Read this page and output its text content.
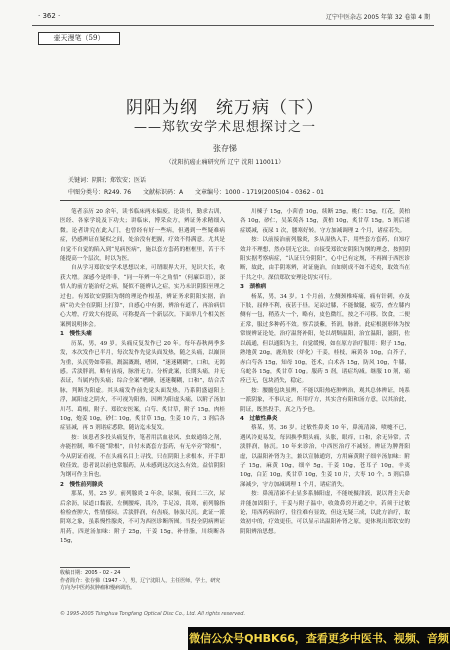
· 362 ·	辽宁中医杂志 2005 年第 32 卷第 4 期
壶天漫笔（59）
阴阳为纲　统万病（下）
——郑钦安学术思想探讨之一
张存悌
（沈阳抗癌止痛研究所 辽宁 沈阳 110011）
关键词：阴阳；郑钦安；医话
中图分类号：R249. 76 文献标识码：A 文章编号：1000 - 1719(2005)04 - 0362 - 01

笔者亲历 20 余年，读书临床两未偏废。论读书，勤求古训，医经、各家学说及下功夫；讲临床，博采众方，辨证务求精细入微。论者讲究在此入门，也曾经有好一些病，但遇到一些疑难病症，仍感辨证在疑似之间，处治没有把握，疗效不得满意。尤其是自觉不自觉的陷入到“见病医病”，施以套方套药的框框里，苦于不能提高一个层次，时以为医。

自从学习郑钦安学术思想以来，可谓眼界大开，见识大长，收获大增。深感今是昨非，“同一年辨一年之角悟”（何廉臣语），深悟人的前方能治好之病，疑似不能辨认之症，实乃未识阴阳至理之过也。有郑钦安阴阳为纲的理论作根基，辨证务求阴阳实据，治病“功夫全在阴阳上打算”，自感心中有据，辨治有道了，再治病信心大增，疗效大有提高，可称提高一个新层次。下面举几个相关医案例说明体会。

1　慢性头痛

历某，男，49 岁。头痛反复发作已 20 年。每年春秋两季多发，本次发作已半月，每次发作先觉头面发热，随之头痛，以巅顶为重，头沉势如带箍，溉湍溉溉，嗜困，“迷迷糊糊”，口和，无渴感。舌淡胖润，略有齿痕，脉滑无力。分析此案，长期头痛，并无表证，当属内伤头痛；综合全案“嗜睡，迷迷糊糊，口和”，结合舌脉，判断为阳虚。其头痛发作前先觉头面发热，乃系阴盛逼阳上浮，属阳虚之阴火，不可视为阳热，因辨为阳虚头痛，以附子汤加川芎、葛根，附子、郑钦安医案，白芍、炙甘草，附子 15g，肉桂 10g，炮姜 10g，砂仁 10g，炙甘草 15g，生姜 10 片，3 剂后各症显减，再 5 剂诸症悉除，随访迄未复发。

按：该患者多投头痛复作，笔者用活血祛风、虫蚁通络之剂，亦能控制，唯不能“除根”，自付未离套方套药，有无卒旁“除根”，今从阴证看视，不在头痛名目上寻找，只在阴阳上求根本，开手即收佳效。患者说以前也常服药，从未感到这次这么有效。益信阴阳为纲可作主旨也。

2　慢性前列腺炎

那某，男，25 岁。前列腺炎 2 年余，尿频，夜间二三次，尿后余沥，尿道口黏液，左侧腰疼，畏冷，手足凉，畏寒，前列腺指检检查肿大，性情郁闷。舌淡胖润，有齿痕，脉弦尺沉。此证一派阴寒之象，虽系慢性腺炎，不可为西医诊断所囿。当投全阴病辨证用药，四逆汤加味：附子 25g，干姜 15g，补骨脂，川续断各 15g，

川楝子 15g，小茴香 10g，续断 25g，桃仁 15g，红花，黄柏各 10g，砂仁，吴茱萸各 15g，黄柏 10g，炙甘草 15g。5 剂后诸症缓减，夜尿 1 次，腰寒好转。守方加减调理 2 个月，诸症若失。

按：以前接治前列腺炎，多从湿热入手，用些套方套药，自知疗效并不理想，然亦别无它法。自接受郑钦安阴阳为纲的理念，按照阴阳实据考察病症，“认证只分阴阳”，心中已有定规，不再囿于西医诊断，故此，由手阴寒辨，对证施治，自如则成不如不适矣，取效当在于共之中。深信郑钦安理论切实可行。

3　颈椎病

杨某，男，34 岁。1 个月前，左侧颈椎疼痛，痛有针刺，亦及下肢，屈伸不利，夜甚于昼。足凉过膝，不能做腿，疲劳，查左膝内侧有一包，稍蒸大一个，略有，皮色微红，按之不可移。饮食，二便正常，服过多种药不效。察舌淡紫，苔润，脉滑。此症根据形体为按常规辨证论处，治疗温肾补阳，处以胡颓温阳，治宜温阳，滋阴，佐以疏通，但以通阳为主，自觉缓慢，如在原方治疗服用：附子 15g，熟地黄 20g，鹿角胶（烊化）干姜，桂枝，麻黄各 10g，白芥子，赤白芍各 15g，知母 10g，苍术，白术各 15g，防风 10g，牛膝，乌蛇各 15g，炙甘草 10g。服药 5 剂，诸症均减。继服 10 剂，痛痊已无，包块消失，稳定。

按：腰髓包块虽辨，不能以阳热疮肿辨治，观其总体辨证，纯系一派阴象，不事认定。所用疗方，其实含有阳和汤方意，以其治此，阴证，既然投手，真之乃予也。

4　过敏性鼻炎

蔡某，男，36 岁。过敏性鼻炎 10 年，鼻流清涕，喷嚏不已，遇风冷更易发，每因换季期头痛，头胀，眼痒，口和，余无异常。舌淡胖润，脉沉。10 年来诊治，中西医治疗不减轻。辨证为脾肾阳虚，以温阳补肾为主，兼以宣肺通窍，方用麻黄附子细辛汤加味：附子 15g，麻黄 10g，细辛 5g，干姜 10g，苍耳子 10g，辛夷 10g，白芷 10g，炙甘草 10g，生姜 10 片，大枣 10 个。5 剂后鼻涕减少，守方加减调理 1 个月，诸症消失。

按：鼻流清涕不止显多系肺阳虚，不能统摄津液，说以肾主天命并能加固阳于，干姜与附子温中，收敛鼻窍开通之中，若须于过敏论，用西药病治疗，往往难有显效，但这无疑三成，以此方治疗，取效初中的，疗效更佳，可以显示出温阳补肾之原，更体现出郑钦安的阴阳辨治思想。

收稿日期：2005 - 02 - 24
作者简介：张存悌（1947 - ），男，辽宁沈阳人，主任医师，学士，研究方向为中医药抗肿瘤和慢病调治。
© 1995-2005 Tsinghua Tongfang Optical Disc Co., Ltd. All rights reserved.
微信公众号QHBK66，查看更多中医书、视频、音频
